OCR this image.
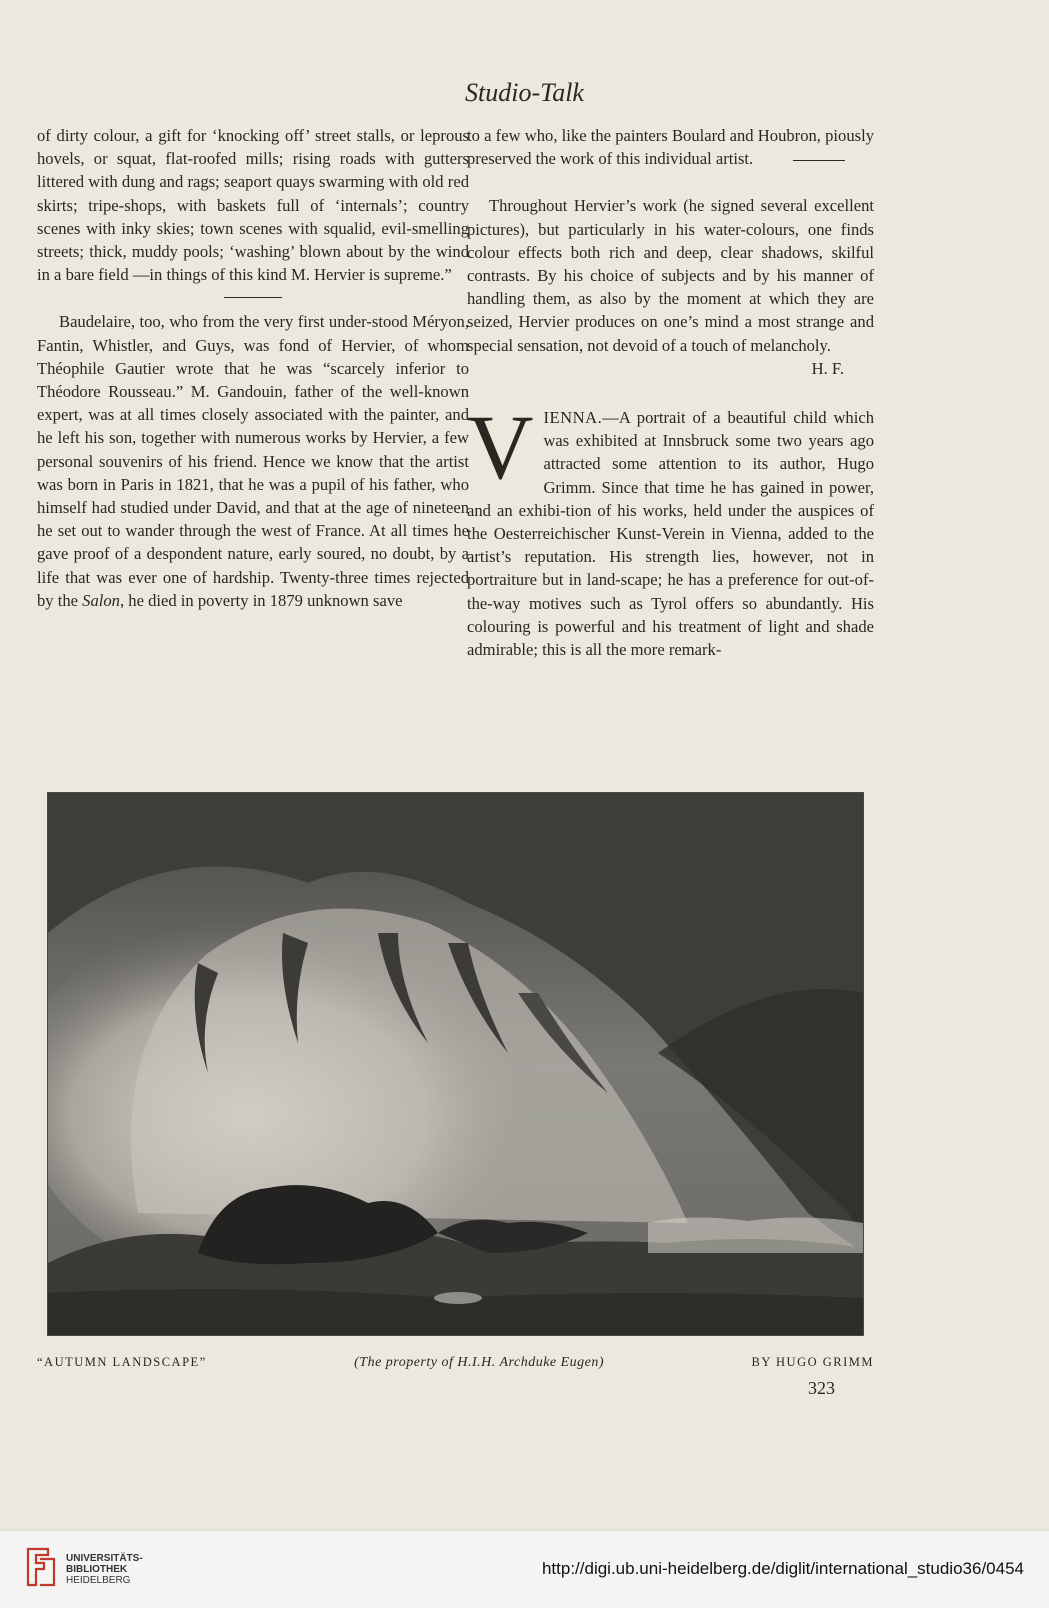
Studio-Talk

of dirty colour, a gift for ‘knocking off’ street stalls, or leprous hovels, or squat, flat-roofed mills; rising roads with gutters littered with dung and rags; seaport quays swarming with old red skirts; tripe-shops, with baskets full of ‘internals’; country scenes with inky skies; town scenes with squalid, evil-smelling streets; thick, muddy pools; ‘washing’ blown about by the wind in a bare field —in things of this kind M. Hervier is supreme.”

Baudelaire, too, who from the very first under-stood Méryon, Fantin, Whistler, and Guys, was fond of Hervier, of whom Théophile Gautier wrote that he was “scarcely inferior to Théodore Rousseau.” M. Gandouin, father of the well-known expert, was at all times closely associated with the painter, and he left his son, together with numerous works by Hervier, a few personal souvenirs of his friend. Hence we know that the artist was born in Paris in 1821, that he was a pupil of his father, who himself had studied under David, and that at the age of nineteen he set out to wander through the west of France. At all times he gave proof of a despondent nature, early soured, no doubt, by a life that was ever one of hardship. Twenty-three times rejected by the Salon, he died in poverty in 1879 unknown save

to a few who, like the painters Boulard and Houbron, piously preserved the work of this individual artist.

Throughout Hervier’s work (he signed several excellent pictures), but particularly in his water-colours, one finds colour effects both rich and deep, clear shadows, skilful contrasts. By his choice of subjects and by his manner of handling them, as also by the moment at which they are seized, Hervier produces on one’s mind a most strange and special sensation, not devoid of a touch of melancholy.

H. F.
V IENNA.—A portrait of a beautiful child which was exhibited at Innsbruck some two years ago attracted some attention to its author, Hugo Grimm. Since that time he has gained in power, and an exhibi-tion of his works, held under the auspices of the Oesterreichischer Kunst-Verein in Vienna, added to the artist’s reputation. His strength lies, however, not in portraiture but in land-scape; he has a preference for out-of-the-way motives such as Tyrol offers so abundantly. His colouring is powerful and his treatment of light and shade admirable; this is all the more remark-

“AUTUMN LANDSCAPE”	(The property of H.I.H. Archduke Eugen)	BY HUGO GRIMM
323
UNIVERSITÄTS-
BIBLIOTHEK
HEIDELBERG
http://digi.ub.uni-heidelberg.de/diglit/international_studio36/0454
